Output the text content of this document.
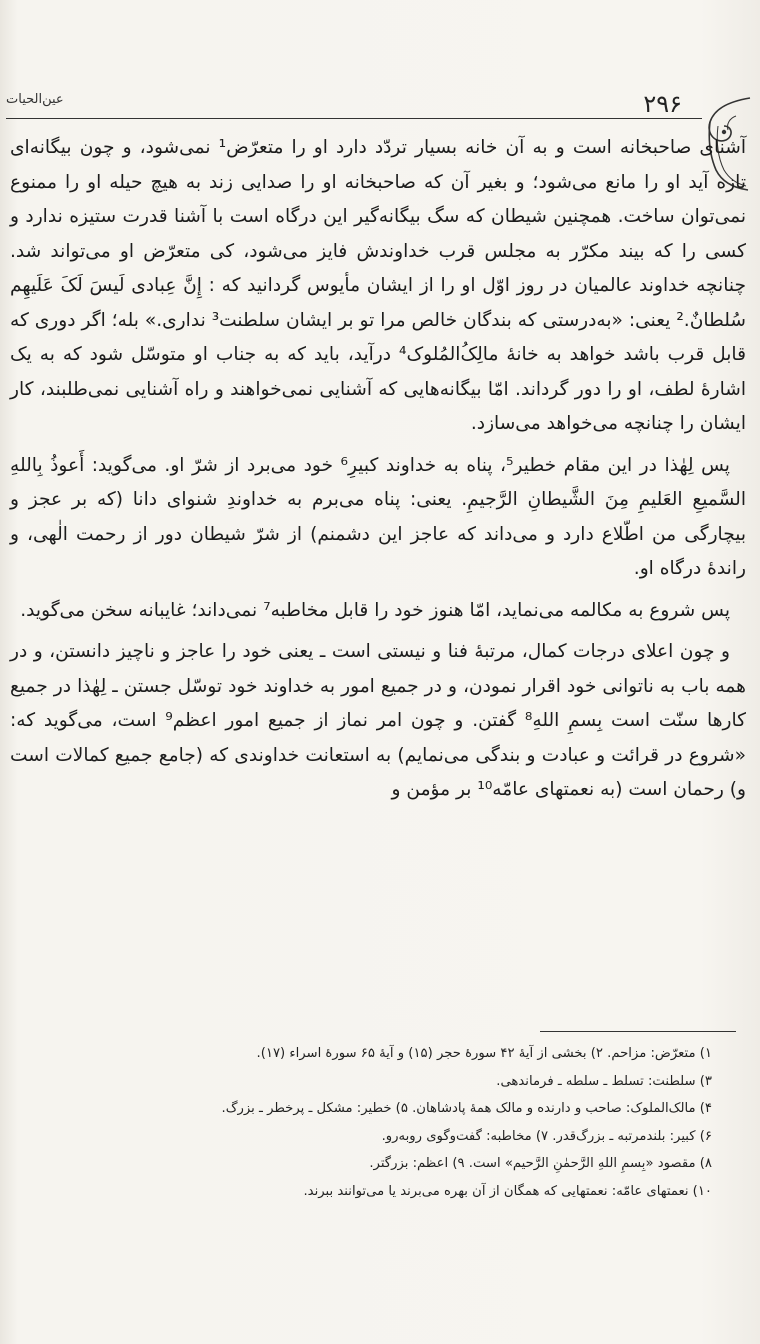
عین‌الحیات	۲۹۶

آشنای صاحبخانه است و به آن خانه بسیار تردّد دارد او را متعرّض¹ نمی‌شود، و چون بیگانه‌ای تازه آید او را مانع می‌شود؛ و بغیر آن که صاحبخانه او را صدایی زند به هیچ حیله او را ممنوع نمی‌توان ساخت. همچنین شیطان که سگ بیگانه‌گیر این درگاه است با آشنا قدرت ستیزه ندارد و کسی را که بیند مکرّر به مجلس قرب خداوندش فایز می‌شود، کی متعرّض او می‌تواند شد. چنانچه خداوند عالمیان در روز اوّل او را از ایشان مأیوس گردانید که : إِنَّ عِبادی لَیسَ لَکَ عَلَیهِم سُلطانٌ.² یعنی: «به‌درستی که بندگان خالص مرا تو بر ایشان سلطنت³ نداری.» بله؛ اگر دوری که قابل قرب باشد خواهد به خانهٔ مالِکُ‌المُلوک⁴ درآید، باید که به جناب او متوسّل شود که به یک اشارهٔ لطف، او را دور گرداند. امّا بیگانه‌هایی که آشنایی نمی‌خواهند و راه آشنایی نمی‌طلبند، کار ایشان را چنانچه می‌خواهد می‌سازد.

پس لِهٰذا در این مقام خطیر⁵، پناه به خداوند کبیرِ⁶ خود می‌برد از شرّ او. می‌گوید: أَعوذُ بِاللهِ السَّمیعِ العَلیمِ مِنَ الشَّیطانِ الرَّجیمِ. یعنی: پناه می‌برم به خداوندِ شنوای دانا (که بر عجز و بیچارگی من اطّلاع دارد و می‌داند که عاجز این دشمنم) از شرّ شیطان دور از رحمت الٰهی، و راندهٔ درگاه او.

پس شروع به مکالمه می‌نماید، امّا هنوز خود را قابل مخاطبه⁷ نمی‌داند؛ غایبانه سخن می‌گوید.

و چون اعلای درجات کمال، مرتبهٔ فنا و نیستی است ـ یعنی خود را عاجز و ناچیز دانستن، و در همه باب به ناتوانی خود اقرار نمودن، و در جمیع امور به خداوند خود توسّل جستن ـ لِهٰذا در جمیع کارها سنّت است بِسمِ اللهِ⁸ گفتن. و چون امر نماز از جمیع امور اعظم⁹ است، می‌گوید که: «شروع در قرائت و عبادت و بندگی می‌نمایم) به استعانت خداوندی که (جامع جمیع کمالات است و) رحمان است (به نعمتهای عامّه¹⁰ بر مؤمن و

۱) متعرّض: مزاحم. ۲) بخشی از آیهٔ ۴۲ سورهٔ حجر (۱۵) و آیهٔ ۶۵ سورهٔ اسراء (۱۷).
۳) سلطنت: تسلط ـ سلطه ـ فرماندهی.
۴) مالک‌الملوک: صاحب و دارنده و مالک همهٔ پادشاهان. ۵) خطیر: مشکل ـ پرخطر ـ بزرگ.
۶) کبیر: بلندمرتبه ـ بزرگ‌قدر. ۷) مخاطبه: گفت‌وگوی روبه‌رو.
۸) مقصود «بِسمِ اللهِ الرَّحمٰنِ الرَّحیم» است. ۹) اعظم: بزرگتر.
۱۰) نعمتهای عامّه: نعمتهایی که همگان از آن بهره می‌برند یا می‌توانند ببرند.
